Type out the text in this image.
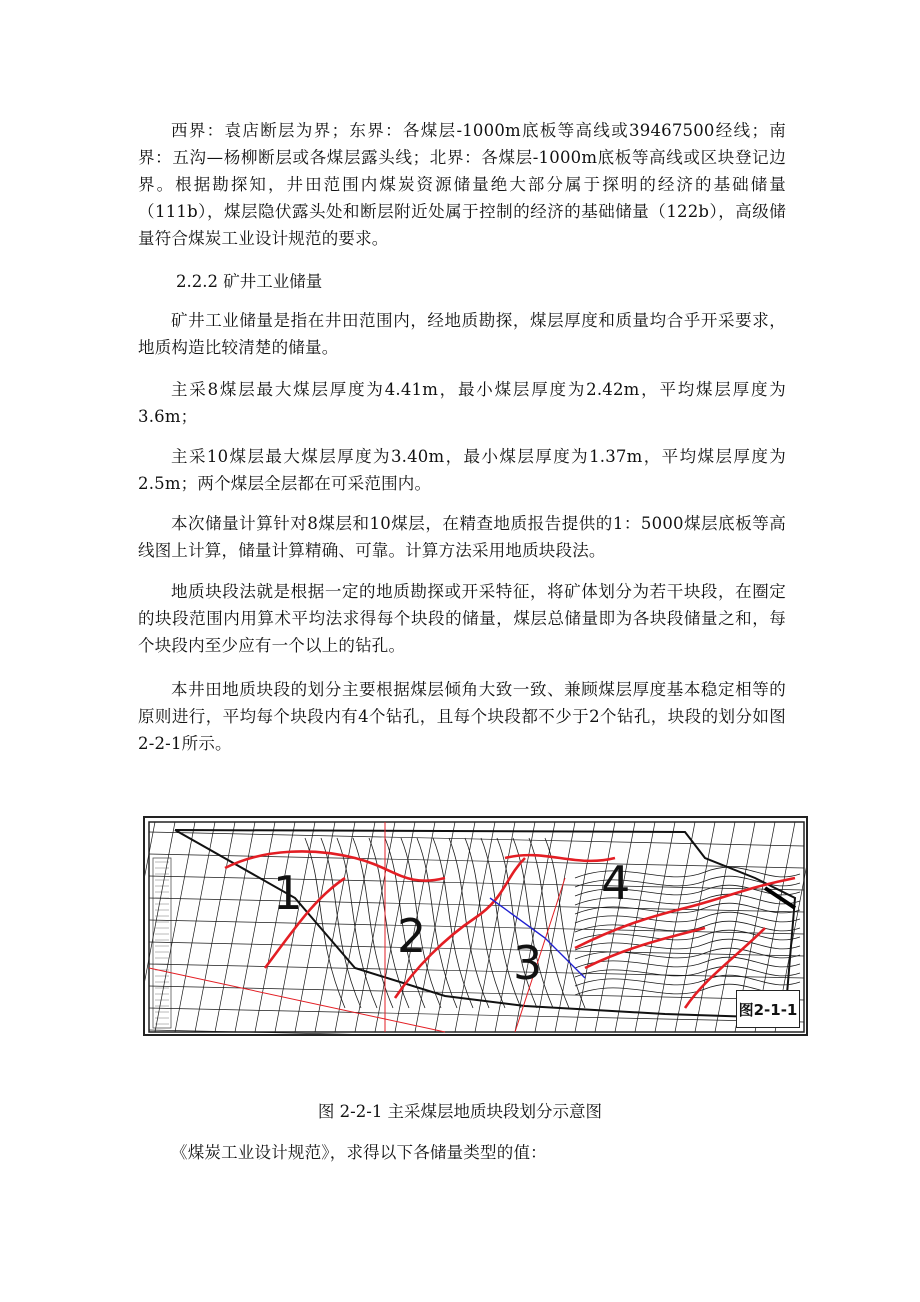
西界：袁店断层为界；东界：各煤层-1000m底板等高线或39467500经线；南界：五沟—杨柳断层或各煤层露头线；北界：各煤层-1000m底板等高线或区块登记边界。根据勘探知，井田范围内煤炭资源储量绝大部分属于探明的经济的基础储量（111b），煤层隐伏露头处和断层附近处属于控制的经济的基础储量（122b），高级储量符合煤炭工业设计规范的要求。

2.2.2 矿井工业储量

矿井工业储量是指在井田范围内，经地质勘探，煤层厚度和质量均合乎开采要求，地质构造比较清楚的储量。

主采8煤层最大煤层厚度为4.41m，最小煤层厚度为2.42m，平均煤层厚度为3.6m；

主采10煤层最大煤层厚度为3.40m，最小煤层厚度为1.37m，平均煤层厚度为2.5m；两个煤层全层都在可采范围内。

本次储量计算针对8煤层和10煤层，在精查地质报告提供的1：5000煤层底板等高线图上计算，储量计算精确、可靠。计算方法采用地质块段法。

地质块段法就是根据一定的地质勘探或开采特征，将矿体划分为若干块段，在圈定的块段范围内用算术平均法求得每个块段的储量，煤层总储量即为各块段储量之和，每个块段内至少应有一个以上的钻孔。

本井田地质块段的划分主要根据煤层倾角大致一致、兼顾煤层厚度基本稳定相等的原则进行，平均每个块段内有4个钻孔，且每个块段都不少于2个钻孔，块段的划分如图2-2-1所示。

1
2 3
4
图2-1-1

图 2-2-1 主采煤层地质块段划分示意图

《煤炭工业设计规范》，求得以下各储量类型的值：
